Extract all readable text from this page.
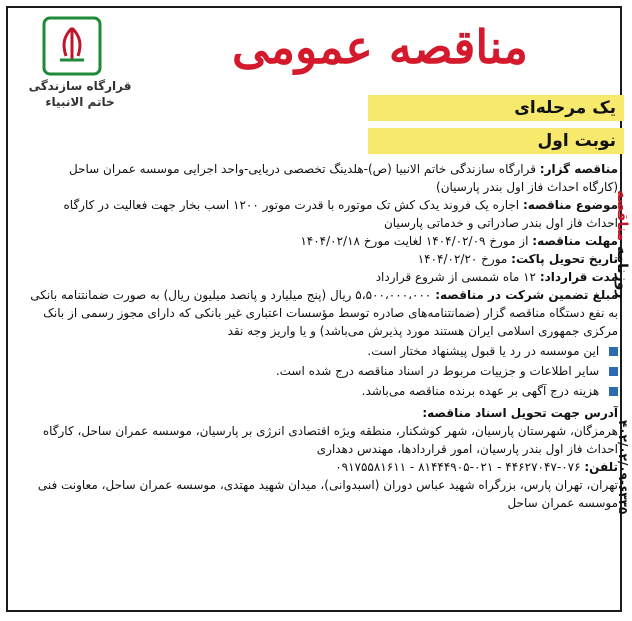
قرارگاه سازندگی خاتم الانبیاء
مناقصه عمومی
یک مرحله‌ای
نوبت اول
روزنامه مناقصه
۴۰۲/۰۲/۰۹-۶۳۳۵

مناقصه گزار: قرارگاه سازندگی خاتم الانبیا (ص)-هلدینگ تخصصی دریایی-واحد اجرایی موسسه عمران ساحل (کارگاه احداث فاز اول بندر پارسیان)

موضوع مناقصه: اجاره یک فروند یدک کش تک موتوره با قدرت موتور ۱۲۰۰ اسب بخار جهت فعالیت در کارگاه احداث فاز اول بندر صادراتی و خدماتی پارسیان

مهلت مناقصه: از مورخ ۱۴۰۴/۰۲/۰۹ لغایت مورخ ۱۴۰۴/۰۲/۱۸

تاریخ تحویل پاکت: مورخ ۱۴۰۴/۰۲/۲۰

مدت قرارداد: ۱۲ ماه شمسی از شروع قرارداد

مبلغ تضمین شرکت در مناقصه: ۵،۵۰۰،۰۰۰،۰۰۰ ریال (پنج میلیارد و پانصد میلیون ریال) به صورت ضمانتنامه بانکی به نفع دستگاه مناقصه گزار (ضمانتنامه‌های صادره توسط مؤسسات اعتباری غیر بانکی که دارای مجوز رسمی از بانک مرکزی جمهوری اسلامی ایران هستند مورد پذیرش می‌باشد) و یا واریز وجه نقد

این موسسه در رد یا قبول پیشنهاد مختار است.

سایر اطلاعات و جزییات مربوط در اسناد مناقصه درج شده است.

هزینه درج آگهی بر عهده برنده مناقصه می‌باشد.

آدرس جهت تحویل اسناد مناقصه:

هرمزگان، شهرستان پارسیان، شهر کوشکنار، منطقه ویژه اقتصادی انرژی بر پارسیان، موسسه عمران ساحل، کارگاه احداث فاز اول بندر پارسیان، امور قراردادها، مهندس دهداری

تلفن: ۰۷۶-۴۴۶۲۷۰۴۷ - ۰۲۱-۸۱۴۴۴۹۰۵ - ۰۹۱۷۵۵۸۱۶۱۱

تهران، تهران پارس، بزرگراه شهید عباس دوران (اسبدوانی)، میدان شهید مهتدی، موسسه عمران ساحل، معاونت فنی موسسه عمران ساحل
